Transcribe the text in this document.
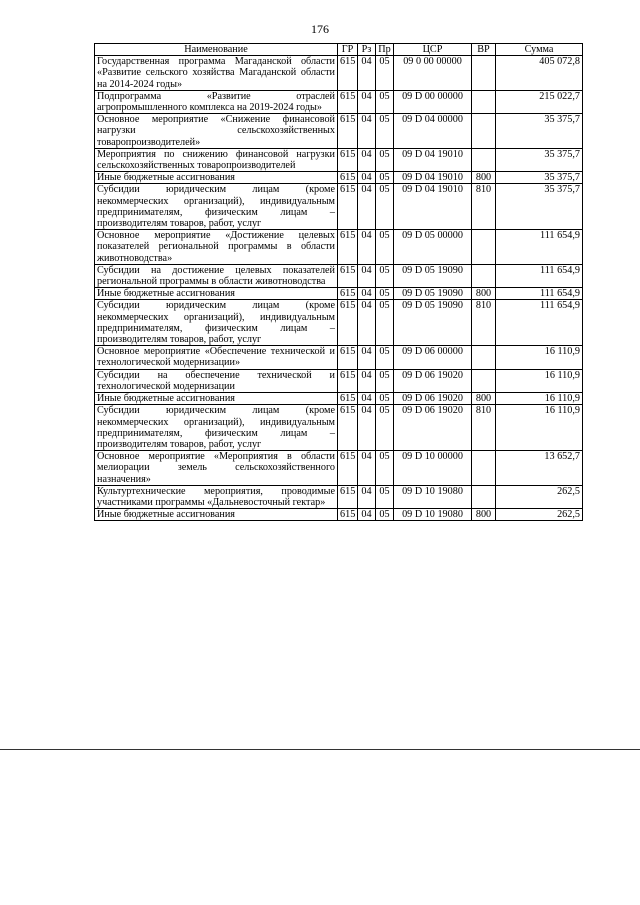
176
Наименование	ГР	Рз	Пр	ЦСР	ВР	Сумма
Государственная программа Магаданской области «Развитие сельского хозяйства Магаданской области на 2014-2024 годы»	615	04	05	09 0 00 00000		405 072,8
Подпрограмма «Развитие отраслей агропромышленного комплекса на 2019-2024 годы»	615	04	05	09 D 00 00000		215 022,7
Основное мероприятие «Снижение финансовой нагрузки сельскохозяйственных товаропроизводителей»	615	04	05	09 D 04 00000		35 375,7
Мероприятия по снижению финансовой нагрузки сельскохозяйственных товаропроизводителей	615	04	05	09 D 04 19010		35 375,7
Иные бюджетные ассигнования	615	04	05	09 D 04 19010	800	35 375,7
Субсидии юридическим лицам (кроме некоммерческих организаций), индивидуальным предпринимателям, физическим лицам – производителям товаров, работ, услуг	615	04	05	09 D 04 19010	810	35 375,7
Основное мероприятие «Достижение целевых показателей региональной программы в области животноводства»	615	04	05	09 D 05 00000		111 654,9
Субсидии на достижение целевых показателей региональной программы в области животноводства	615	04	05	09 D 05 19090		111 654,9
Иные бюджетные ассигнования	615	04	05	09 D 05 19090	800	111 654,9
Субсидии юридическим лицам (кроме некоммерческих организаций), индивидуальным предпринимателям, физическим лицам – производителям товаров, работ, услуг	615	04	05	09 D 05 19090	810	111 654,9
Основное мероприятие «Обеспечение технической и технологической модернизации»	615	04	05	09 D 06 00000		16 110,9
Субсидии на обеспечение технической и технологической модернизации	615	04	05	09 D 06 19020		16 110,9
Иные бюджетные ассигнования	615	04	05	09 D 06 19020	800	16 110,9
Субсидии юридическим лицам (кроме некоммерческих организаций), индивидуальным предпринимателям, физическим лицам – производителям товаров, работ, услуг	615	04	05	09 D 06 19020	810	16 110,9
Основное мероприятие «Мероприятия в области мелиорации земель сельскохозяйственного назначения»	615	04	05	09 D 10 00000		13 652,7
Культуртехнические мероприятия, проводимые участниками программы «Дальневосточный гектар»	615	04	05	09 D 10 19080		262,5
Иные бюджетные ассигнования	615	04	05	09 D 10 19080	800	262,5
